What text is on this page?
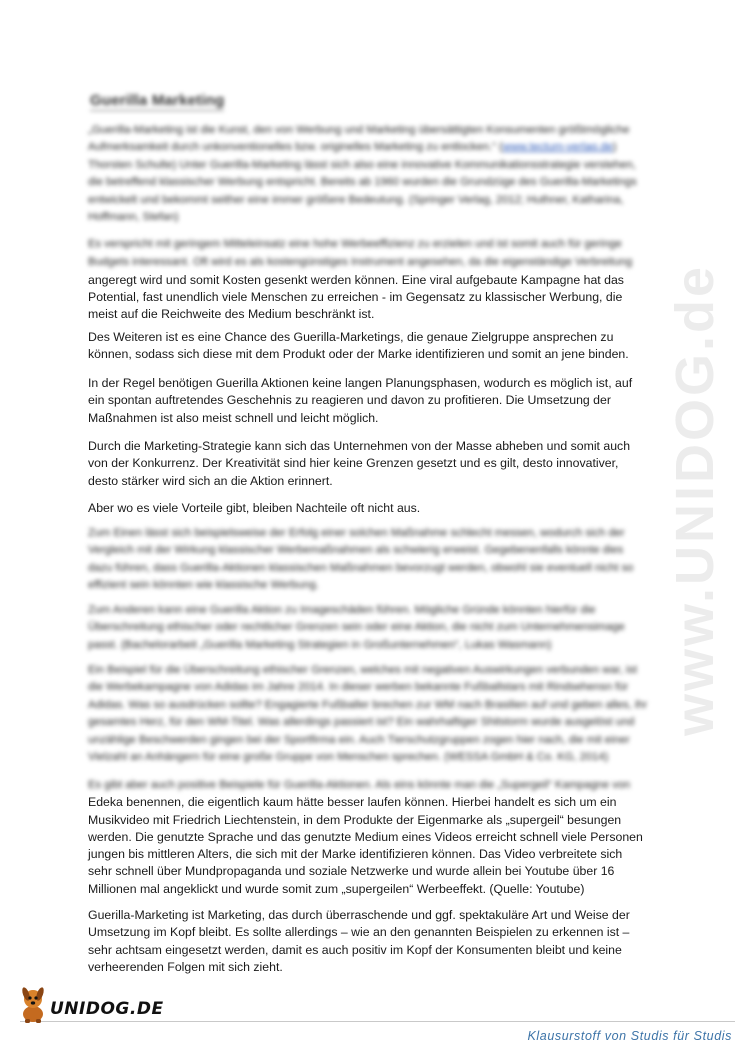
www.UNIDOG.de
Guerilla Marketing

„Guerilla-Marketing ist die Kunst, den von Werbung und Marketing übersättigten Konsumenten größtmögliche Aufmerksamkeit durch unkonventionelles bzw. originelles Marketing zu entlocken.“ (www.tectum-verlag.de) Thorsten Schulte) Unter Guerilla-Marketing lässt sich also eine innovative Kommunikationsstrategie verstehen, die betreffend klassischer Werbung entspricht. Bereits ab 1960 wurden die Grundzüge des Guerilla-Marketings entwickelt und bekommt seither eine immer größere Bedeutung. (Springer Verlag, 2012; Huthner, Katharina, Hoffmann, Stefan)

Es verspricht mit geringem Mitteleinsatz eine hohe Werbeeffizienz zu erzielen und ist somit auch für geringe Budgets interessant. Oft wird es als kostengünstiges Instrument angesehen, da die eigenständige Verbreitung angeregt wird und somit Kosten gesenkt werden können. Eine viral aufgebaute Kampagne hat das Potential, fast unendlich viele Menschen zu erreichen - im Gegensatz zu klassischer Werbung, die meist auf die Reichweite des Medium beschränkt ist.

Des Weiteren ist es eine Chance des Guerilla-Marketings, die genaue Zielgruppe ansprechen zu können, sodass sich diese mit dem Produkt oder der Marke identifizieren und somit an jene binden.

In der Regel benötigen Guerilla Aktionen keine langen Planungsphasen, wodurch es möglich ist, auf ein spontan auftretendes Geschehnis zu reagieren und davon zu profitieren. Die Umsetzung der Maßnahmen ist also meist schnell und leicht möglich.

Durch die Marketing-Strategie kann sich das Unternehmen von der Masse abheben und somit auch von der Konkurrenz. Der Kreativität sind hier keine Grenzen gesetzt und es gilt, desto innovativer, desto stärker wird sich an die Aktion erinnert.

Aber wo es viele Vorteile gibt, bleiben Nachteile oft nicht aus.

Zum Einen lässt sich beispielsweise der Erfolg einer solchen Maßnahme schlecht messen, wodurch sich der Vergleich mit der Wirkung klassischer Werbemaßnahmen als schwierig erweist. Gegebenenfalls könnte dies dazu führen, dass Guerilla-Aktionen klassischen Maßnahmen bevorzugt werden, obwohl sie eventuell nicht so effizient sein könnten wie klassische Werbung.

Zum Anderen kann eine Guerilla Aktion zu Imageschäden führen. Mögliche Gründe könnten hierfür die Überschreitung ethischer oder rechtlicher Grenzen sein oder eine Aktion, die nicht zum Unternehmensimage passt. (Bachelorarbeit „Guerilla Marketing Strategien in Großunternehmen“, Lukas Wasmann)

Ein Beispiel für die Überschreitung ethischer Grenzen, welches mit negativen Auswirkungen verbunden war, ist die Werbekampagne von Adidas im Jahre 2014. In dieser werben bekannte Fußballstars mit Rindsehensn für Adidas. Was so ausdrücken sollte? Engagierte Fußballer brechen zur WM nach Brasilien auf und geben alles, ihr gesamtes Herz, für den WM-Titel. Was allerdings passiert ist? Ein wahrhaftiger Shitstorm wurde ausgelöst und unzählige Beschwerden gingen bei der Sportfirma ein. Auch Tierschutzgruppen zogen hier nach, die mit einer Vielzahl an Anhängern für eine große Gruppe von Menschen sprechen. (WESSA GmbH & Co. KG, 2014)

Es gibt aber auch positive Beispiele für Guerilla-Aktionen. Als eins könnte man die „Supergeil“ Kampagne von Edeka benennen, die eigentlich kaum hätte besser laufen können. Hierbei handelt es sich um ein Musikvideo mit Friedrich Liechtenstein, in dem Produkte der Eigenmarke als „supergeil“ besungen werden. Die genutzte Sprache und das genutzte Medium eines Videos erreicht schnell viele Personen jungen bis mittleren Alters, die sich mit der Marke identifizieren können. Das Video verbreitete sich sehr schnell über Mundpropaganda und soziale Netzwerke und wurde allein bei Youtube über 16 Millionen mal angeklickt und wurde somit zum „supergeilen“ Werbeeffekt. (Quelle: Youtube)

Guerilla-Marketing ist Marketing, das durch überraschende und ggf. spektakuläre Art und Weise der Umsetzung im Kopf bleibt. Es sollte allerdings – wie an den genannten Beispielen zu erkennen ist – sehr achtsam eingesetzt werden, damit es auch positiv im Kopf der Konsumenten bleibt und keine verheerenden Folgen mit sich zieht.

UNIDOG.DE
Klausurstoff von Studis für Studis
